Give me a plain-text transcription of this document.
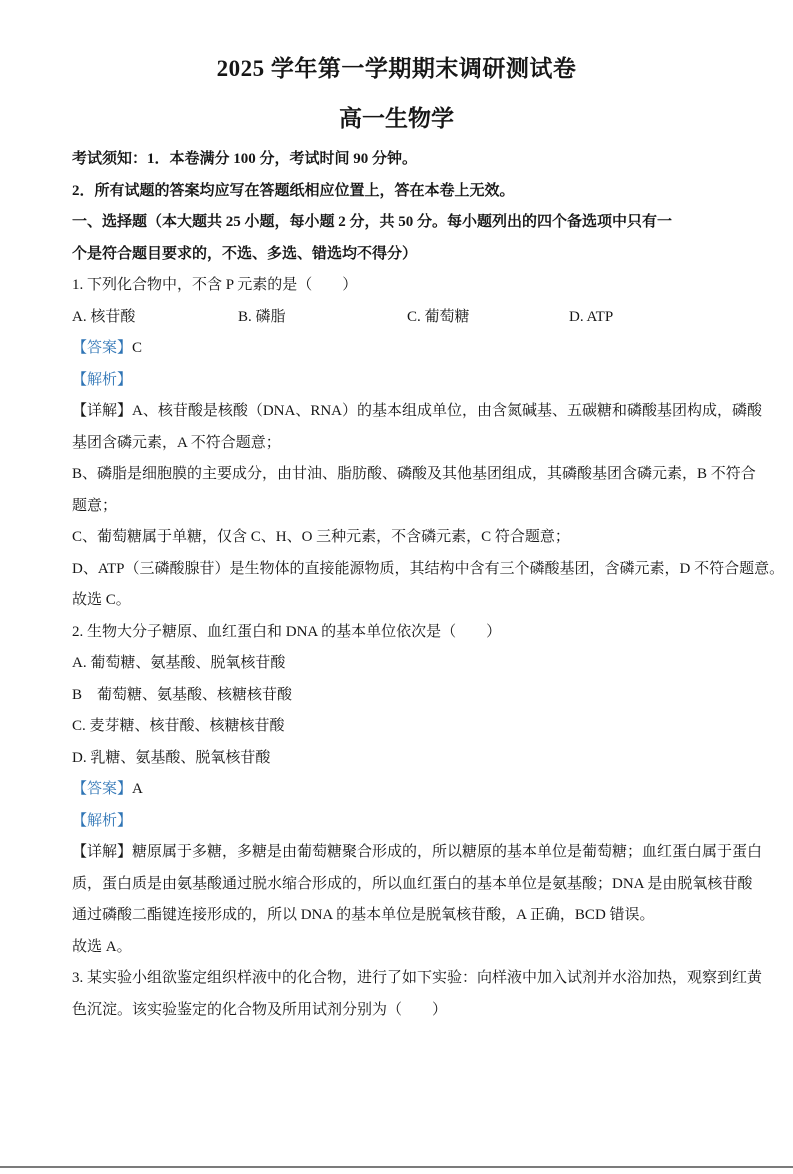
2025 学年第一学期期末调研测试卷
高一生物学
考试须知：1．本卷满分 100 分，考试时间 90 分钟。
2．所有试题的答案均应写在答题纸相应位置上，答在本卷上无效。
一、选择题（本大题共 25 小题，每小题 2 分，共 50 分。每小题列出的四个备选项中只有一
个是符合题目要求的，不选、多选、错选均不得分）
1. 下列化合物中，不含 P 元素的是（　　）
A. 核苷酸	B. 磷脂	C. 葡萄糖	D. ATP
【答案】C
【解析】
【详解】A、核苷酸是核酸（DNA、RNA）的基本组成单位，由含氮碱基、五碳糖和磷酸基团构成，磷酸
基团含磷元素，A 不符合题意；
B、磷脂是细胞膜的主要成分，由甘油、脂肪酸、磷酸及其他基团组成，其磷酸基团含磷元素，B 不符合
题意；
C、葡萄糖属于单糖，仅含 C、H、O 三种元素，不含磷元素，C 符合题意；
D、ATP（三磷酸腺苷）是生物体的直接能源物质，其结构中含有三个磷酸基团，含磷元素，D 不符合题意。
故选 C。
2. 生物大分子糖原、血红蛋白和 DNA 的基本单位依次是（　　）
A. 葡萄糖、氨基酸、脱氧核苷酸
B　葡萄糖、氨基酸、核糖核苷酸
C. 麦芽糖、核苷酸、核糖核苷酸
D. 乳糖、氨基酸、脱氧核苷酸
【答案】A
【解析】
【详解】糖原属于多糖，多糖是由葡萄糖聚合形成的，所以糖原的基本单位是葡萄糖；血红蛋白属于蛋白
质，蛋白质是由氨基酸通过脱水缩合形成的，所以血红蛋白的基本单位是氨基酸；DNA 是由脱氧核苷酸
通过磷酸二酯键连接形成的，所以 DNA 的基本单位是脱氧核苷酸，A 正确，BCD 错误。
故选 A。
3. 某实验小组欲鉴定组织样液中的化合物，进行了如下实验：向样液中加入试剂并水浴加热，观察到红黄
色沉淀。该实验鉴定的化合物及所用试剂分别为（　　）
